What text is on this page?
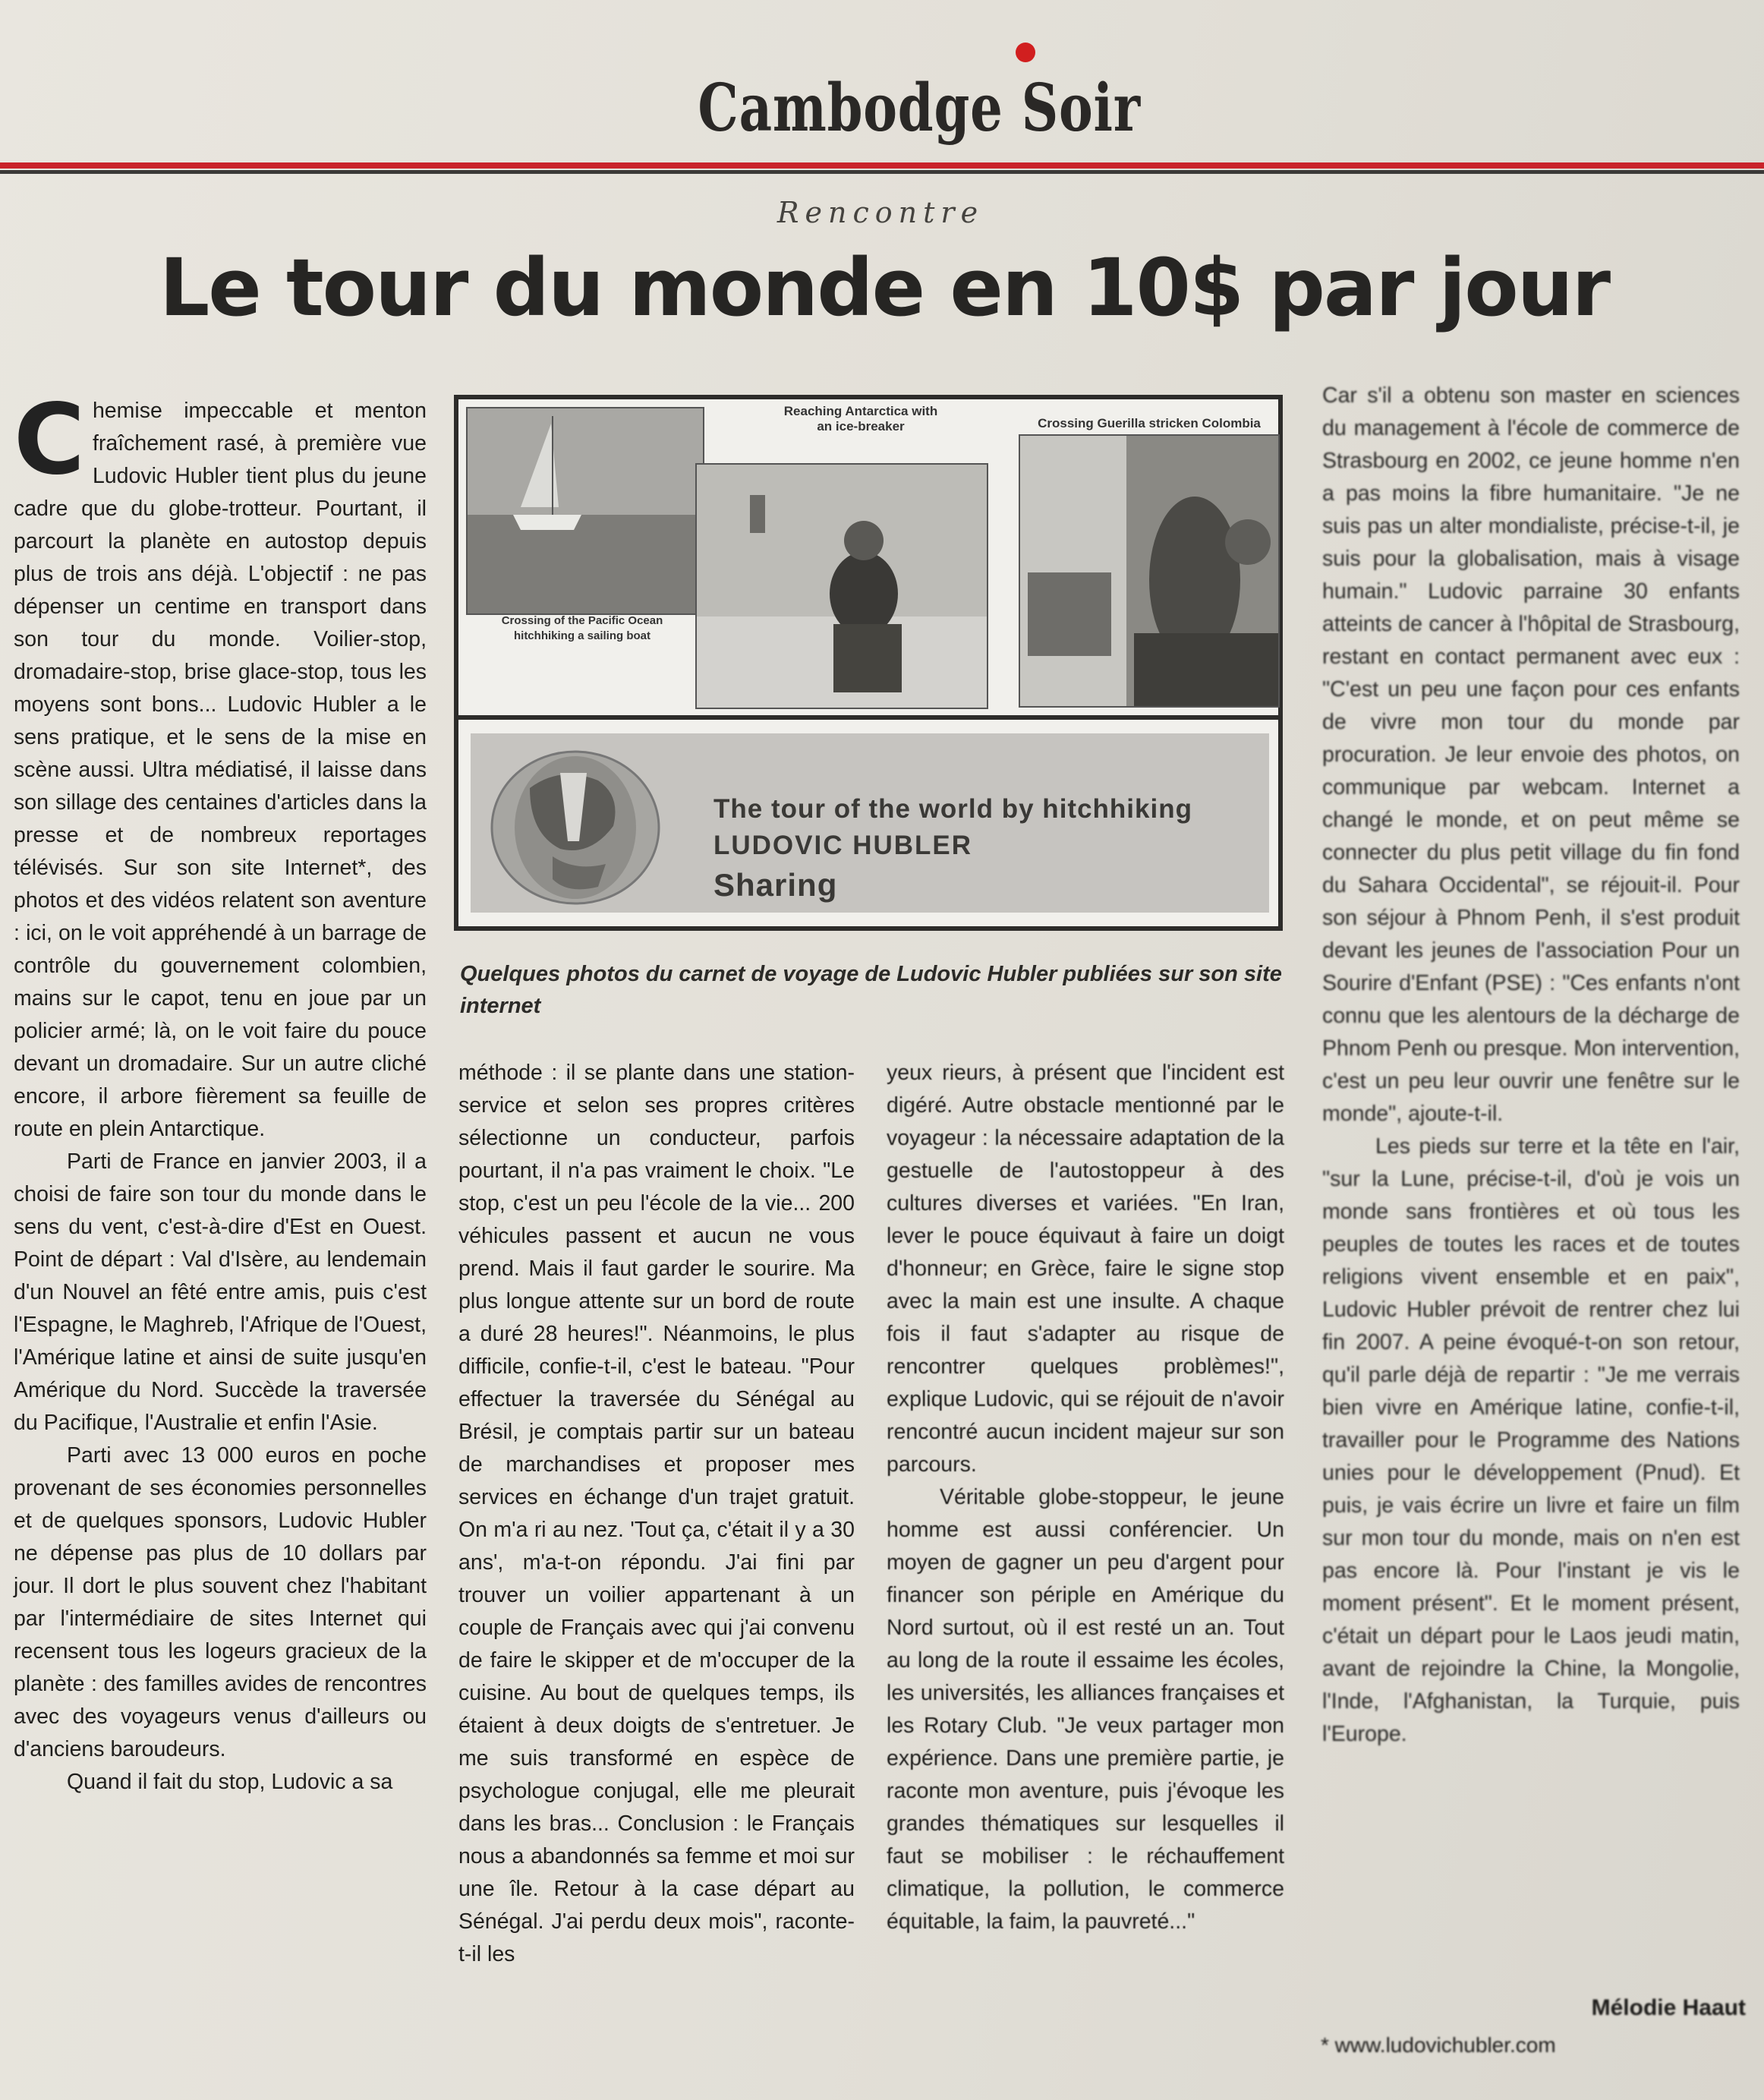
Cambodge Soir
Rencontre
Le tour du monde en 10$ par jour

Chemise impeccable et menton fraîchement rasé, à première vue Ludovic Hubler tient plus du jeune cadre que du globe-trotteur. Pourtant, il parcourt la planète en autostop depuis plus de trois ans déjà. L'objectif : ne pas dépenser un centime en transport dans son tour du monde. Voilier-stop, dromadaire-stop, brise glace-stop, tous les moyens sont bons... Ludovic Hubler a le sens pratique, et le sens de la mise en scène aussi. Ultra médiatisé, il laisse dans son sillage des centaines d'articles dans la presse et de nombreux reportages télévisés. Sur son site Internet*, des photos et des vidéos relatent son aventure : ici, on le voit appréhendé à un barrage de contrôle du gouvernement colombien, mains sur le capot, tenu en joue par un policier armé; là, on le voit faire du pouce devant un dromadaire. Sur un autre cliché encore, il arbore fièrement sa feuille de route en plein Antarctique.

Parti de France en janvier 2003, il a choisi de faire son tour du monde dans le sens du vent, c'est-à-dire d'Est en Ouest. Point de départ : Val d'Isère, au lendemain d'un Nouvel an fêté entre amis, puis c'est l'Espagne, le Maghreb, l'Afrique de l'Ouest, l'Amérique latine et ainsi de suite jusqu'en Amérique du Nord. Succède la traversée du Pacifique, l'Australie et enfin l'Asie.

Parti avec 13 000 euros en poche provenant de ses économies personnelles et de quelques sponsors, Ludovic Hubler ne dépense pas plus de 10 dollars par jour. Il dort le plus souvent chez l'habitant par l'intermédiaire de sites Internet qui recensent tous les logeurs gracieux de la planète : des familles avides de rencontres avec des voyageurs venus d'ailleurs ou d'anciens baroudeurs.

Quand il fait du stop, Ludovic a sa

Crossing of the Pacific Ocean
hitchhiking a sailing boat
Reaching Antarctica with
an ice-breaker	Crossing Guerilla stricken Colombia
The tour of the world by hitchhiking
LUDOVIC HUBLER
Sharing
Quelques photos du carnet de voyage de Ludovic Hubler publiées sur son site internet

méthode : il se plante dans une station-service et selon ses propres critères sélectionne un conducteur, parfois pourtant, il n'a pas vraiment le choix. "Le stop, c'est un peu l'école de la vie... 200 véhicules passent et aucun ne vous prend. Mais il faut garder le sourire. Ma plus longue attente sur un bord de route a duré 28 heures!". Néanmoins, le plus difficile, confie-t-il, c'est le bateau. "Pour effectuer la traversée du Sénégal au Brésil, je comptais partir sur un bateau de marchandises et proposer mes services en échange d'un trajet gratuit. On m'a ri au nez. 'Tout ça, c'était il y a 30 ans', m'a-t-on répondu. J'ai fini par trouver un voilier appartenant à un couple de Français avec qui j'ai convenu de faire le skipper et de m'occuper de la cuisine. Au bout de quelques temps, ils étaient à deux doigts de s'entretuer. Je me suis transformé en espèce de psychologue conjugal, elle me pleurait dans les bras... Conclusion : le Français nous a abandonnés sa femme et moi sur une île. Retour à la case départ au Sénégal. J'ai perdu deux mois", raconte-t-il les

yeux rieurs, à présent que l'incident est digéré. Autre obstacle mentionné par le voyageur : la nécessaire adaptation de la gestuelle de l'autostoppeur à des cultures diverses et variées. "En Iran, lever le pouce équivaut à faire un doigt d'honneur; en Grèce, faire le signe stop avec la main est une insulte. A chaque fois il faut s'adapter au risque de rencontrer quelques problèmes!", explique Ludovic, qui se réjouit de n'avoir rencontré aucun incident majeur sur son parcours.

Véritable globe-stoppeur, le jeune homme est aussi conférencier. Un moyen de gagner un peu d'argent pour financer son périple en Amérique du Nord surtout, où il est resté un an. Tout au long de la route il essaime les écoles, les universités, les alliances françaises et les Rotary Club. "Je veux partager mon expérience. Dans une première partie, je raconte mon aventure, puis j'évoque les grandes thématiques sur lesquelles il faut se mobiliser : le réchauffement climatique, la pollution, le commerce équitable, la faim, la pauvreté..."

Car s'il a obtenu son master en sciences du management à l'école de commerce de Strasbourg en 2002, ce jeune homme n'en a pas moins la fibre humanitaire. "Je ne suis pas un alter mondialiste, précise-t-il, je suis pour la globalisation, mais à visage humain." Ludovic parraine 30 enfants atteints de cancer à l'hôpital de Strasbourg, restant en contact permanent avec eux : "C'est un peu une façon pour ces enfants de vivre mon tour du monde par procuration. Je leur envoie des photos, on communique par webcam. Internet a changé le monde, et on peut même se connecter du plus petit village du fin fond du Sahara Occidental", se réjouit-il. Pour son séjour à Phnom Penh, il s'est produit devant les jeunes de l'association Pour un Sourire d'Enfant (PSE) : "Ces enfants n'ont connu que les alentours de la décharge de Phnom Penh ou presque. Mon intervention, c'est un peu leur ouvrir une fenêtre sur le monde", ajoute-t-il.

Les pieds sur terre et la tête en l'air, "sur la Lune, précise-t-il, d'où je vois un monde sans frontières et où tous les peuples de toutes les races et de toutes religions vivent ensemble et en paix", Ludovic Hubler prévoit de rentrer chez lui fin 2007. A peine évoqué-t-on son retour, qu'il parle déjà de repartir : "Je me verrais bien vivre en Amérique latine, confie-t-il, travailler pour le Programme des Nations unies pour le développement (Pnud). Et puis, je vais écrire un livre et faire un film sur mon tour du monde, mais on n'en est pas encore là. Pour l'instant je vis le moment présent". Et le moment présent, c'était un départ pour le Laos jeudi matin, avant de rejoindre la Chine, la Mongolie, l'Inde, l'Afghanistan, la Turquie, puis l'Europe.

Mélodie Haaut
* www.ludovichubler.com
